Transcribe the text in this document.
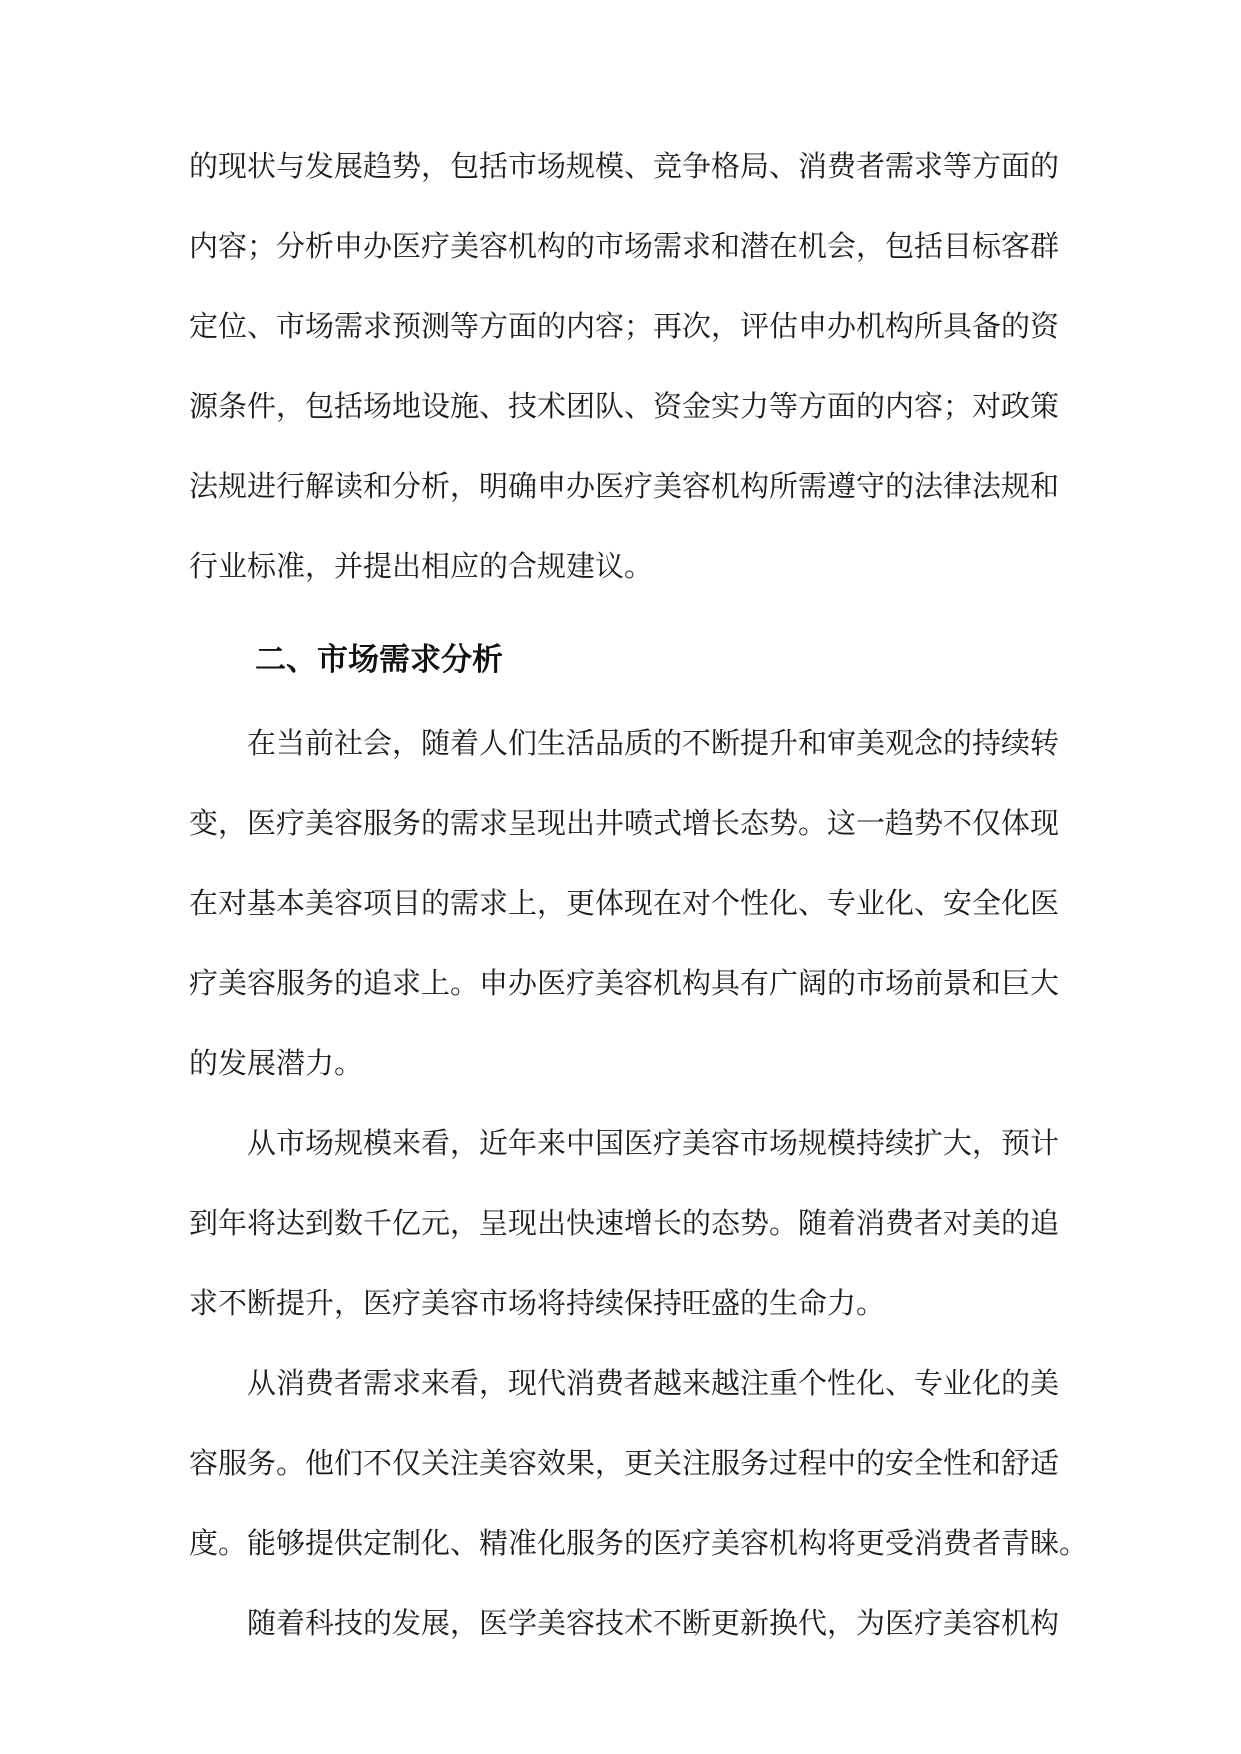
的现状与发展趋势，包括市场规模、竞争格局、消费者需求等方面的

内容；分析申办医疗美容机构的市场需求和潜在机会，包括目标客群

定位、市场需求预测等方面的内容；再次，评估申办机构所具备的资

源条件，包括场地设施、技术团队、资金实力等方面的内容；对政策

法规进行解读和分析，明确申办医疗美容机构所需遵守的法律法规和

行业标准，并提出相应的合规建议。

二、市场需求分析

在当前社会，随着人们生活品质的不断提升和审美观念的持续转

变，医疗美容服务的需求呈现出井喷式增长态势。这一趋势不仅体现

在对基本美容项目的需求上，更体现在对个性化、专业化、安全化医

疗美容服务的追求上。申办医疗美容机构具有广阔的市场前景和巨大

的发展潜力。

从市场规模来看，近年来中国医疗美容市场规模持续扩大，预计

到年将达到数千亿元，呈现出快速增长的态势。随着消费者对美的追

求不断提升，医疗美容市场将持续保持旺盛的生命力。

从消费者需求来看，现代消费者越来越注重个性化、专业化的美

容服务。他们不仅关注美容效果，更关注服务过程中的安全性和舒适

度。能够提供定制化、精准化服务的医疗美容机构将更受消费者青睐。

随着科技的发展，医学美容技术不断更新换代，为医疗美容机构
